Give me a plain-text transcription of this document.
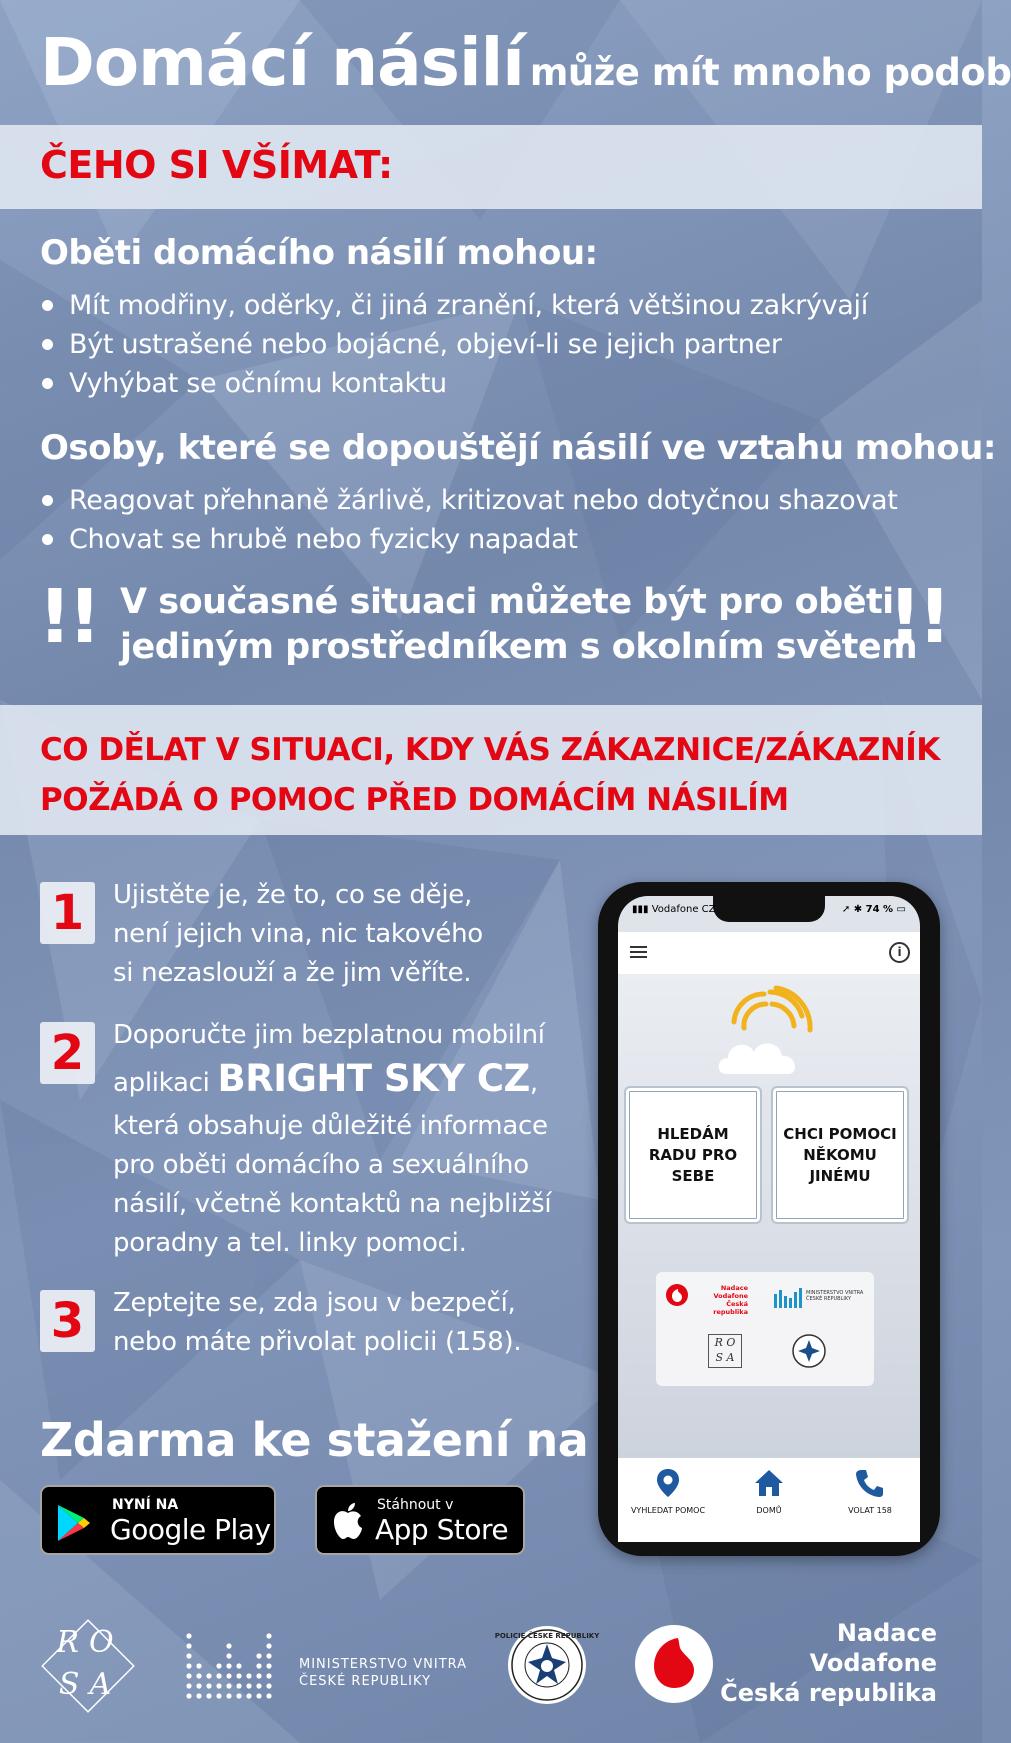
Domácí násilí může mít mnoho podob
ČEHO SI VŠÍMAT:
Oběti domácího násilí mohou:
Mít modřiny, oděrky, či jiná zranění, která většinou zakrývají
Být ustrašené nebo bojácné, objeví-li se jejich partner
Vyhýbat se očnímu kontaktu
Osoby, které se dopouštějí násilí ve vztahu mohou:
Reagovat přehnaně žárlivě, kritizovat nebo dotyčnou shazovat
Chovat se hrubě nebo fyzicky napadat
!! V současné situaci můžete být pro oběti
jediným prostředníkem s okolním světem
!!
CO DĚLAT V SITUACI, KDY VÁS ZÁKAZNICE/ZÁKAZNÍK
POŽÁDÁ O POMOC PŘED DOMÁCÍM NÁSILÍM
1	Ujistěte je, že to, co se děje,
není jejich vina, nic takového
si nezaslouží a že jim věříte.
2	Doporučte jim bezplatnou mobilní
aplikaci BRIGHT SKY CZ,
která obsahuje důležité informace
pro oběti domácího a sexuálního
násilí, včetně kontaktů na nejbližší
poradny a tel. linky pomoci.
3	Zeptejte se, zda jsou v bezpečí,
nebo máte přivolat policii (158).
Zdarma ke stažení na
NYNÍ NA
Google Play
Stáhnout v
App Store
▮▮▮ Vodafone CZ	➚ ✱ 74 % ▭
i
HLEDÁM RADU PRO SEBE
CHCI POMOCI NĚKOMU JINÉMU
Nadace Vodafone Česká republika
MINISTERSTVO VNITRA ČESKÉ REPUBLIKY
R O
S A
VYHLEDAT POMOC	DOMŮ	VOLAT 158
ROSA
MINISTERSTVO VNITRA
ČESKÉ REPUBLIKY
POLICIE ČESKÉ REPUBLIKY	Nadace
Vodafone
Česká republika
